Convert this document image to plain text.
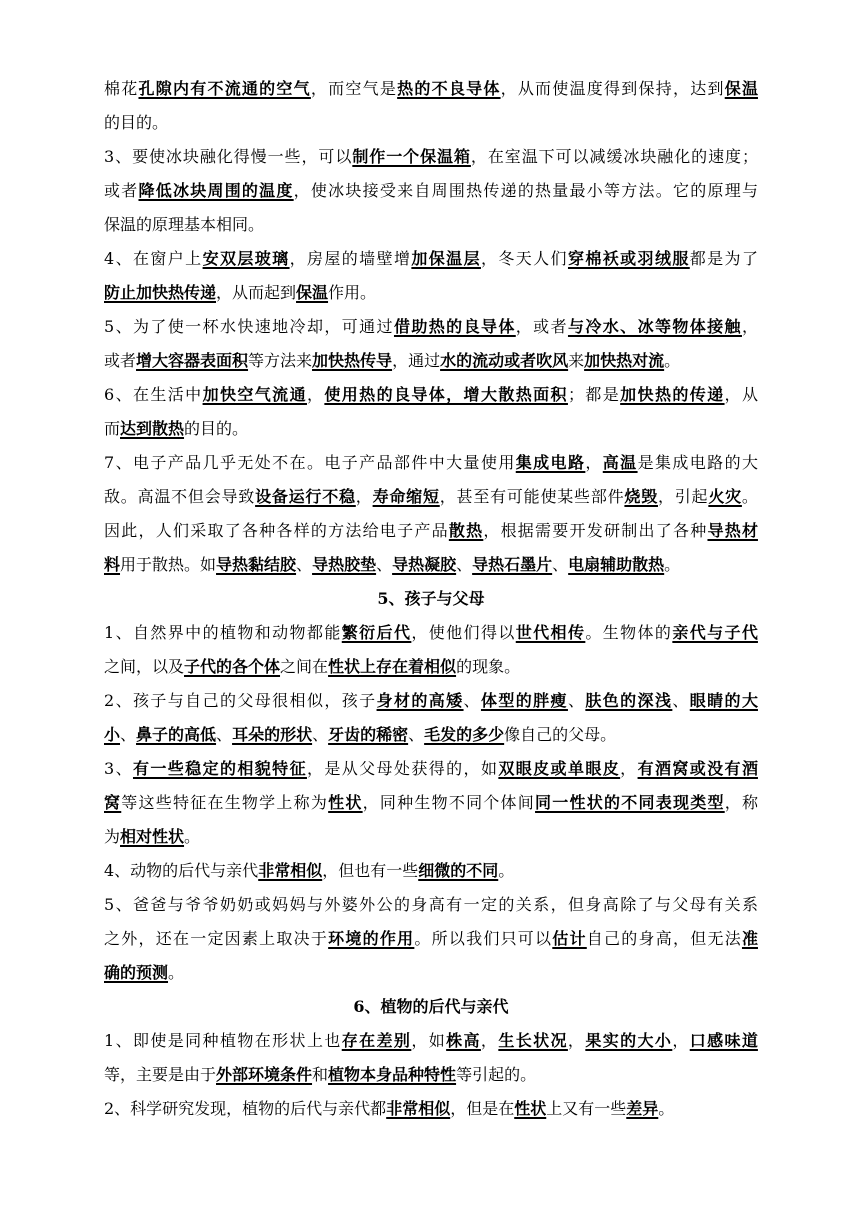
棉花孔隙内有不流通的空气，而空气是热的不良导体，从而使温度得到保持，达到保温
的目的。
3、要使冰块融化得慢一些，可以制作一个保温箱，在室温下可以减缓冰块融化的速度；
或者降低冰块周围的温度，使冰块接受来自周围热传递的热量最小等方法。它的原理与
保温的原理基本相同。
4、在窗户上安双层玻璃，房屋的墙壁增加保温层，冬天人们穿棉袄或羽绒服都是为了
防止加快热传递，从而起到保温作用。
5、为了使一杯水快速地冷却，可通过借助热的良导体，或者与冷水、冰等物体接触，
或者增大容器表面积等方法来加快热传导，通过水的流动或者吹风来加快热对流。
6、在生活中加快空气流通，使用热的良导体，增大散热面积；都是加快热的传递，从
而达到散热的目的。
7、电子产品几乎无处不在。电子产品部件中大量使用集成电路，高温是集成电路的大
敌。高温不但会导致设备运行不稳，寿命缩短，甚至有可能使某些部件烧毁，引起火灾。
因此，人们采取了各种各样的方法给电子产品散热，根据需要开发研制出了各种导热材
料用于散热。如导热黏结胶、导热胶垫、导热凝胶、导热石墨片、电扇辅助散热。
5、孩子与父母
1、自然界中的植物和动物都能繁衍后代，使他们得以世代相传。生物体的亲代与子代
之间，以及子代的各个体之间在性状上存在着相似的现象。
2、孩子与自己的父母很相似，孩子身材的高矮、体型的胖瘦、肤色的深浅、眼睛的大
小、鼻子的高低、耳朵的形状、牙齿的稀密、毛发的多少像自己的父母。
3、有一些稳定的相貌特征，是从父母处获得的，如双眼皮或单眼皮，有酒窝或没有酒
窝等这些特征在生物学上称为性状，同种生物不同个体间同一性状的不同表现类型，称
为相对性状。
4、动物的后代与亲代非常相似，但也有一些细微的不同。
5、爸爸与爷爷奶奶或妈妈与外婆外公的身高有一定的关系，但身高除了与父母有关系
之外，还在一定因素上取决于环境的作用。所以我们只可以估计自己的身高，但无法准
确的预测。
6、植物的后代与亲代
1、即使是同种植物在形状上也存在差别，如株高，生长状况，果实的大小，口感味道
等，主要是由于外部环境条件和植物本身品种特性等引起的。
2、科学研究发现，植物的后代与亲代都非常相似，但是在性状上又有一些差异。
